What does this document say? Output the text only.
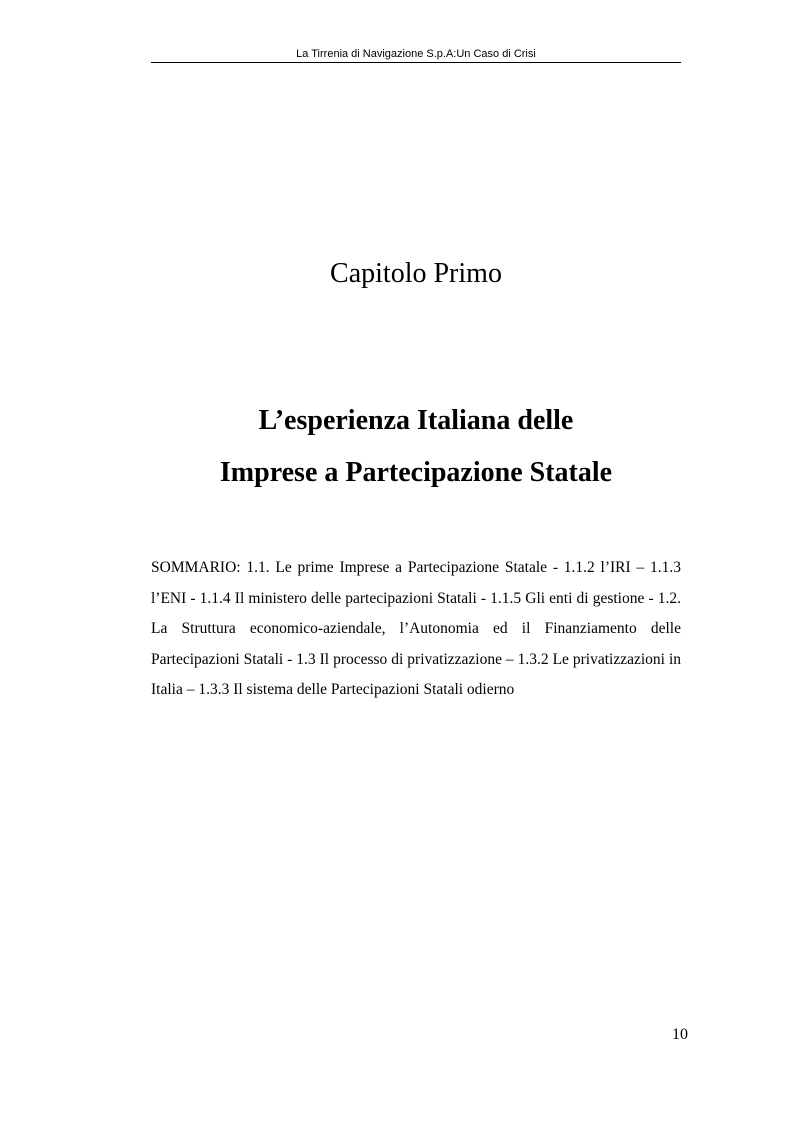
La Tirrenia di Navigazione S.p.A:Un Caso di Crisi
Capitolo Primo
L’esperienza Italiana delle
Imprese a Partecipazione Statale

SOMMARIO: 1.1. Le prime Imprese a Partecipazione Statale - 1.1.2 l’IRI – 1.1.3 l’ENI - 1.1.4 Il ministero delle partecipazioni Statali - 1.1.5 Gli enti di gestione - 1.2. La Struttura economico-aziendale, l’Autonomia ed il Finanziamento delle Partecipazioni Statali - 1.3 Il processo di privatizzazione – 1.3.2 Le privatizzazioni in Italia – 1.3.3 Il sistema delle Partecipazioni Statali odierno

10
